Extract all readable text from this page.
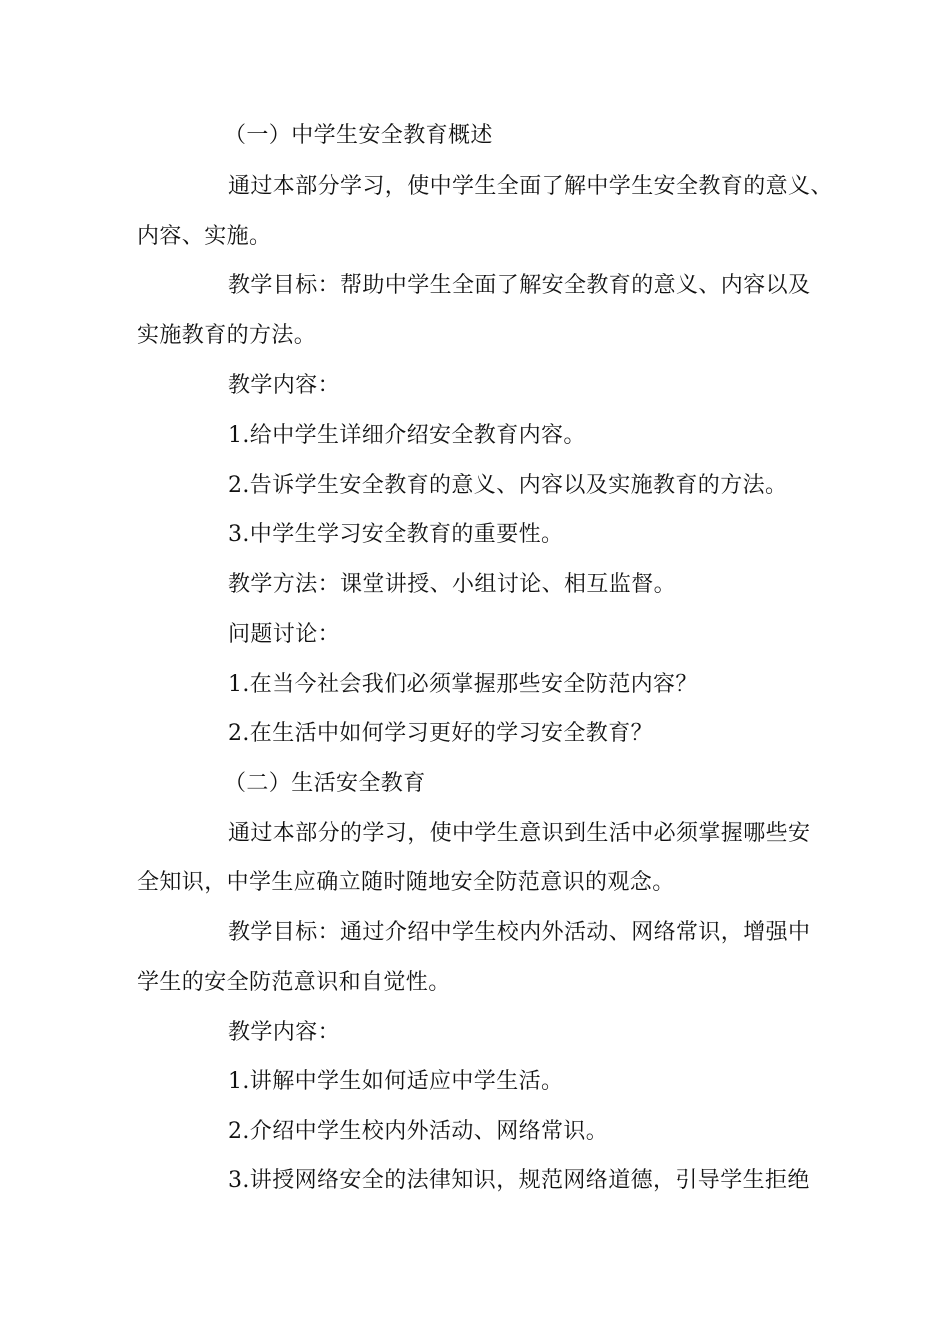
（一）中学生安全教育概述
通过本部分学习，使中学生全面了解中学生安全教育的意义、
内容、实施。
教学目标：帮助中学生全面了解安全教育的意义、内容以及
实施教育的方法。
教学内容：
1.给中学生详细介绍安全教育内容。
2.告诉学生安全教育的意义、内容以及实施教育的方法。
3.中学生学习安全教育的重要性。
教学方法：课堂讲授、小组讨论、相互监督。
问题讨论：
1.在当今社会我们必须掌握那些安全防范内容？
2.在生活中如何学习更好的学习安全教育？
（二）生活安全教育
通过本部分的学习，使中学生意识到生活中必须掌握哪些安
全知识，中学生应确立随时随地安全防范意识的观念。
教学目标：通过介绍中学生校内外活动、网络常识，增强中
学生的安全防范意识和自觉性。
教学内容：
1.讲解中学生如何适应中学生活。
2.介绍中学生校内外活动、网络常识。
3.讲授网络安全的法律知识，规范网络道德，引导学生拒绝
